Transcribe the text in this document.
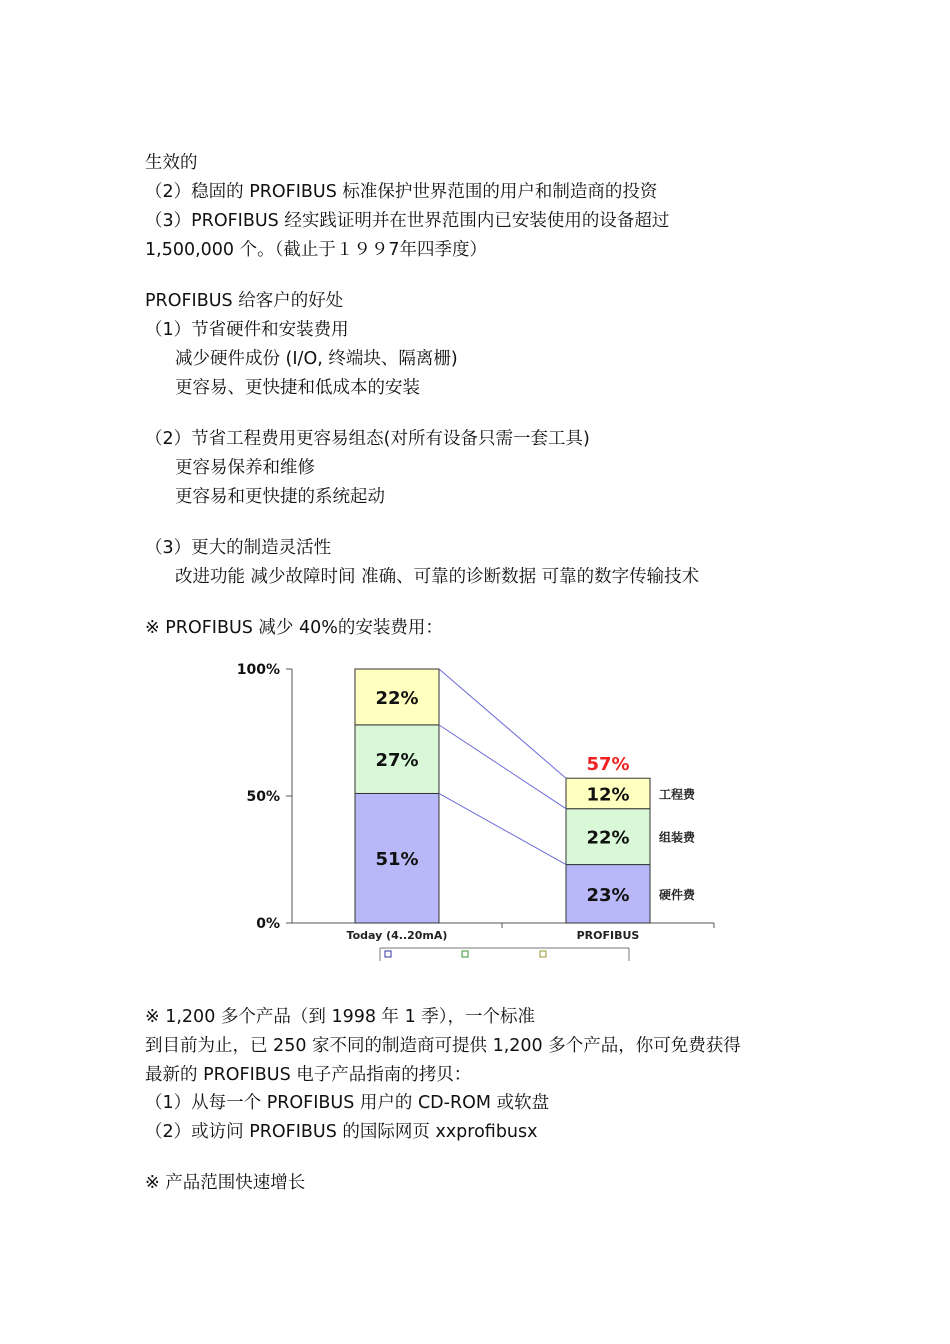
生效的
（2）稳固的 PROFIBUS 标准保护世界范围的用户和制造商的投资
（3）PROFIBUS 经实践证明并在世界范围内已安装使用的设备超过
1,500,000 个。（截止于１９９7年四季度）
PROFIBUS 给客户的好处
（1）节省硬件和安装费用
减少硬件成份 (I/O, 终端块、隔离栅)
更容易、更快捷和低成本的安装
（2）节省工程费用更容易组态(对所有设备只需一套工具)
更容易保养和维修
更容易和更快捷的系统起动
（3）更大的制造灵活性
改进功能 减少故障时间 准确、可靠的诊断数据 可靠的数字传输技术
※ PROFIBUS 减少 40%的安装费用：
0%
50%
100%
51%
27%
22%
Today (4..20mA)
23%
22%
12%
PROFIBUS
57%
硬件费
组装费
工程费
※ 1,200 多个产品（到 1998 年 1 季），一个标准
到目前为止，已 250 家不同的制造商可提供 1,200 多个产品，你可免费获得
最新的 PROFIBUS 电子产品指南的拷贝：
（1）从每一个 PROFIBUS 用户的 CD-ROM 或软盘
（2）或访问 PROFIBUS 的国际网页 xxprofibusx
※ 产品范围快速增长
